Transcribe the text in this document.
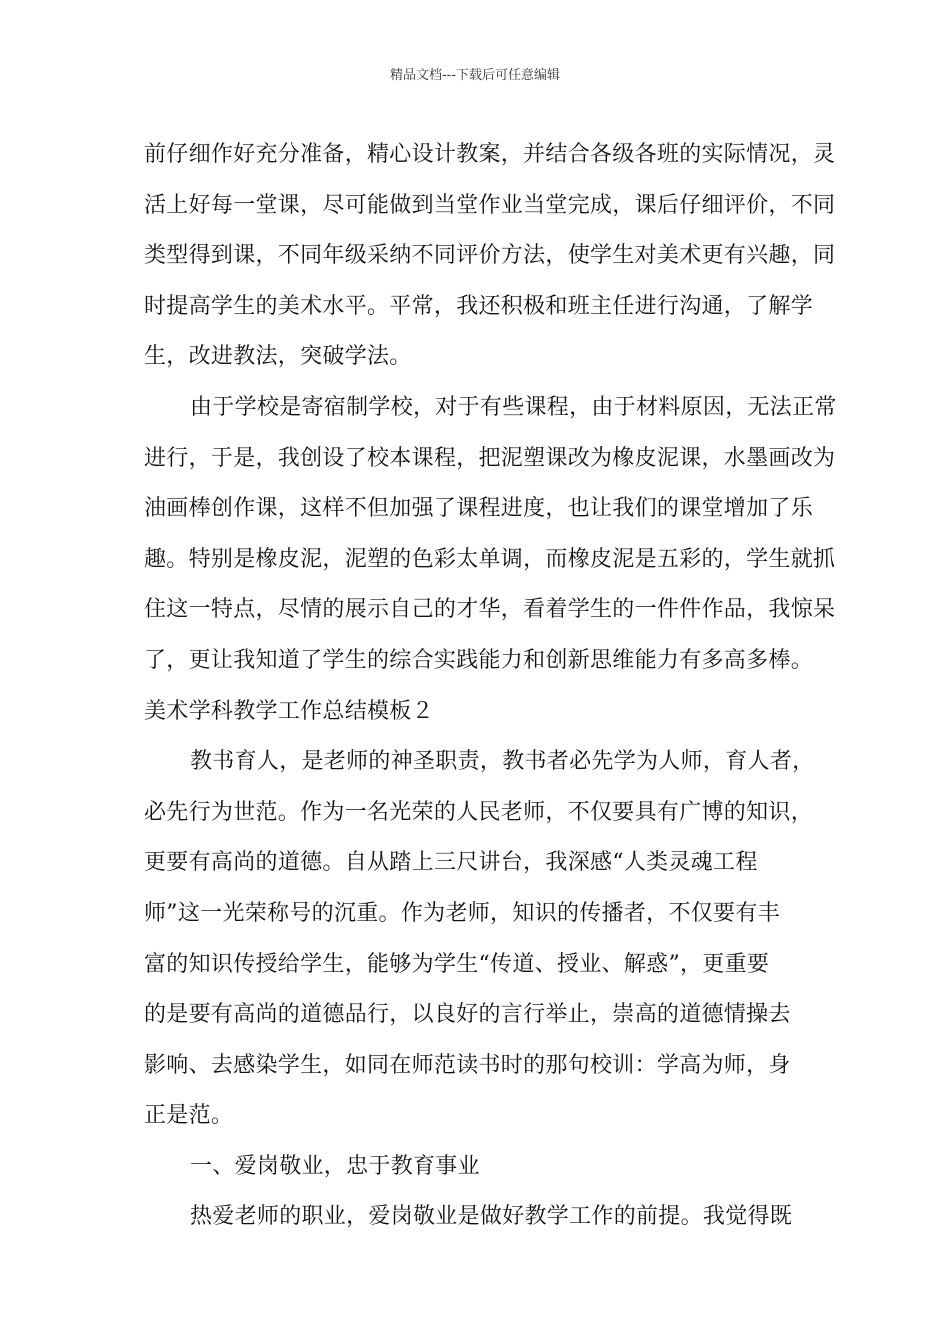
精品文档---下载后可任意编辑
前仔细作好充分准备，精心设计教案，并结合各级各班的实际情况，灵
活上好每一堂课，尽可能做到当堂作业当堂完成，课后仔细评价，不同
类型得到课，不同年级采纳不同评价方法，使学生对美术更有兴趣，同
时提高学生的美术水平。平常，我还积极和班主任进行沟通，了解学
生，改进教法，突破学法。
由于学校是寄宿制学校，对于有些课程，由于材料原因，无法正常
进行，于是，我创设了校本课程，把泥塑课改为橡皮泥课，水墨画改为
油画棒创作课，这样不但加强了课程进度，也让我们的课堂增加了乐
趣。特别是橡皮泥，泥塑的色彩太单调，而橡皮泥是五彩的，学生就抓
住这一特点，尽情的展示自己的才华，看着学生的一件件作品，我惊呆
了，更让我知道了学生的综合实践能力和创新思维能力有多高多棒。
美术学科教学工作总结模板２
教书育人，是老师的神圣职责，教书者必先学为人师，育人者，
必先行为世范。作为一名光荣的人民老师，不仅要具有广博的知识，
更要有高尚的道德。自从踏上三尺讲台，我深感“人类灵魂工程
师”这一光荣称号的沉重。作为老师，知识的传播者，不仅要有丰
富的知识传授给学生，能够为学生“传道、授业、解惑”，更重要
的是要有高尚的道德品行，以良好的言行举止，崇高的道德情操去
影响、去感染学生，如同在师范读书时的那句校训：学高为师，身
正是范。
一、爱岗敬业，忠于教育事业
热爱老师的职业，爱岗敬业是做好教学工作的前提。我觉得既
